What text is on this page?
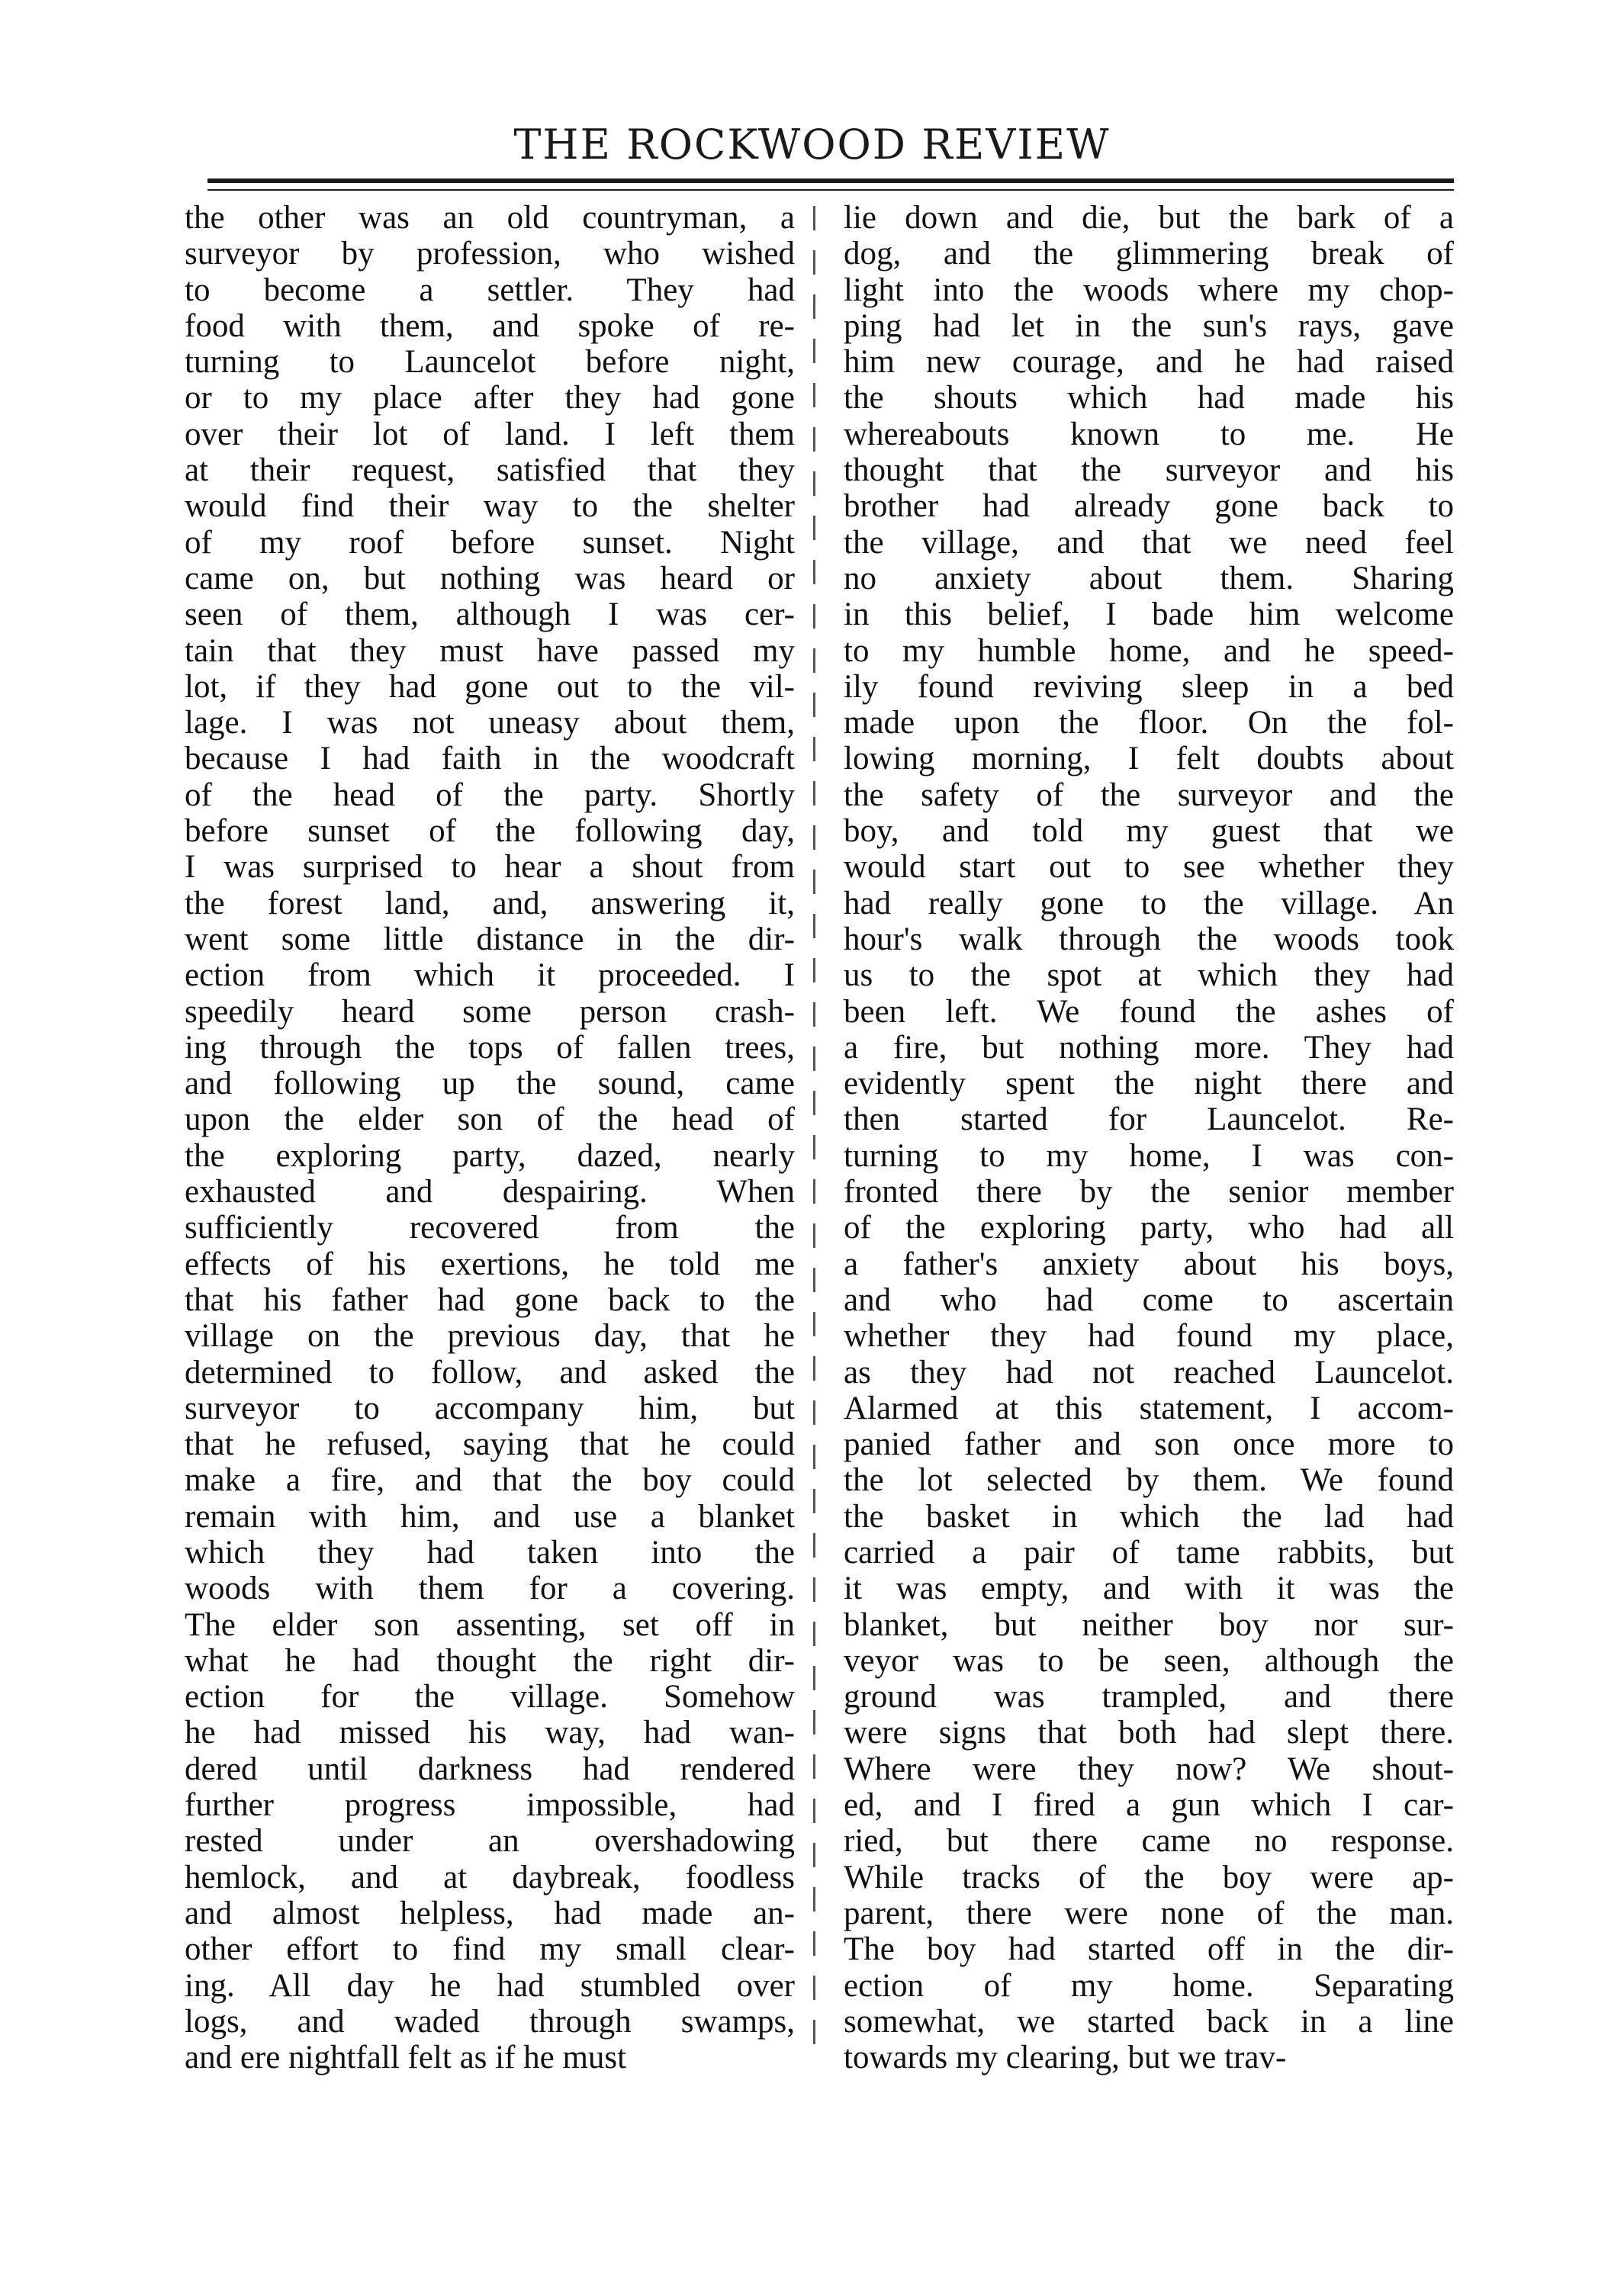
THE ROCKWOOD REVIEW
the other was an old countryman, a
surveyor by profession, who wished
to become a settler. They had
food with them, and spoke of re-
turning to Launcelot before night,
or to my place after they had gone
over their lot of land. I left them
at their request, satisfied that they
would find their way to the shelter
of my roof before sunset. Night
came on, but nothing was heard or
seen of them, although I was cer-
tain that they must have passed my
lot, if they had gone out to the vil-
lage. I was not uneasy about them,
because I had faith in the woodcraft
of the head of the party. Shortly
before sunset of the following day,
I was surprised to hear a shout from
the forest land, and, answering it,
went some little distance in the dir-
ection from which it proceeded. I
speedily heard some person crash-
ing through the tops of fallen trees,
and following up the sound, came
upon the elder son of the head of
the exploring party, dazed, nearly
exhausted and despairing. When
sufficiently recovered from the
effects of his exertions, he told me
that his father had gone back to the
village on the previous day, that he
determined to follow, and asked the
surveyor to accompany him, but
that he refused, saying that he could
make a fire, and that the boy could
remain with him, and use a blanket
which they had taken into the
woods with them for a covering.
The elder son assenting, set off in
what he had thought the right dir-
ection for the village. Somehow
he had missed his way, had wan-
dered until darkness had rendered
further progress impossible, had
rested under an overshadowing
hemlock, and at daybreak, foodless
and almost helpless, had made an-
other effort to find my small clear-
ing. All day he had stumbled over
logs, and waded through swamps,
and ere nightfall felt as if he must
lie down and die, but the bark of a
dog, and the glimmering break of
light into the woods where my chop-
ping had let in the sun's rays, gave
him new courage, and he had raised
the shouts which had made his
whereabouts known to me. He
thought that the surveyor and his
brother had already gone back to
the village, and that we need feel
no anxiety about them. Sharing
in this belief, I bade him welcome
to my humble home, and he speed-
ily found reviving sleep in a bed
made upon the floor. On the fol-
lowing morning, I felt doubts about
the safety of the surveyor and the
boy, and told my guest that we
would start out to see whether they
had really gone to the village. An
hour's walk through the woods took
us to the spot at which they had
been left. We found the ashes of
a fire, but nothing more. They had
evidently spent the night there and
then started for Launcelot. Re-
turning to my home, I was con-
fronted there by the senior member
of the exploring party, who had all
a father's anxiety about his boys,
and who had come to ascertain
whether they had found my place,
as they had not reached Launcelot.
Alarmed at this statement, I accom-
panied father and son once more to
the lot selected by them. We found
the basket in which the lad had
carried a pair of tame rabbits, but
it was empty, and with it was the
blanket, but neither boy nor sur-
veyor was to be seen, although the
ground was trampled, and there
were signs that both had slept there.
Where were they now? We shout-
ed, and I fired a gun which I car-
ried, but there came no response.
While tracks of the boy were ap-
parent, there were none of the man.
The boy had started off in the dir-
ection of my home. Separating
somewhat, we started back in a line
towards my clearing, but we trav-
